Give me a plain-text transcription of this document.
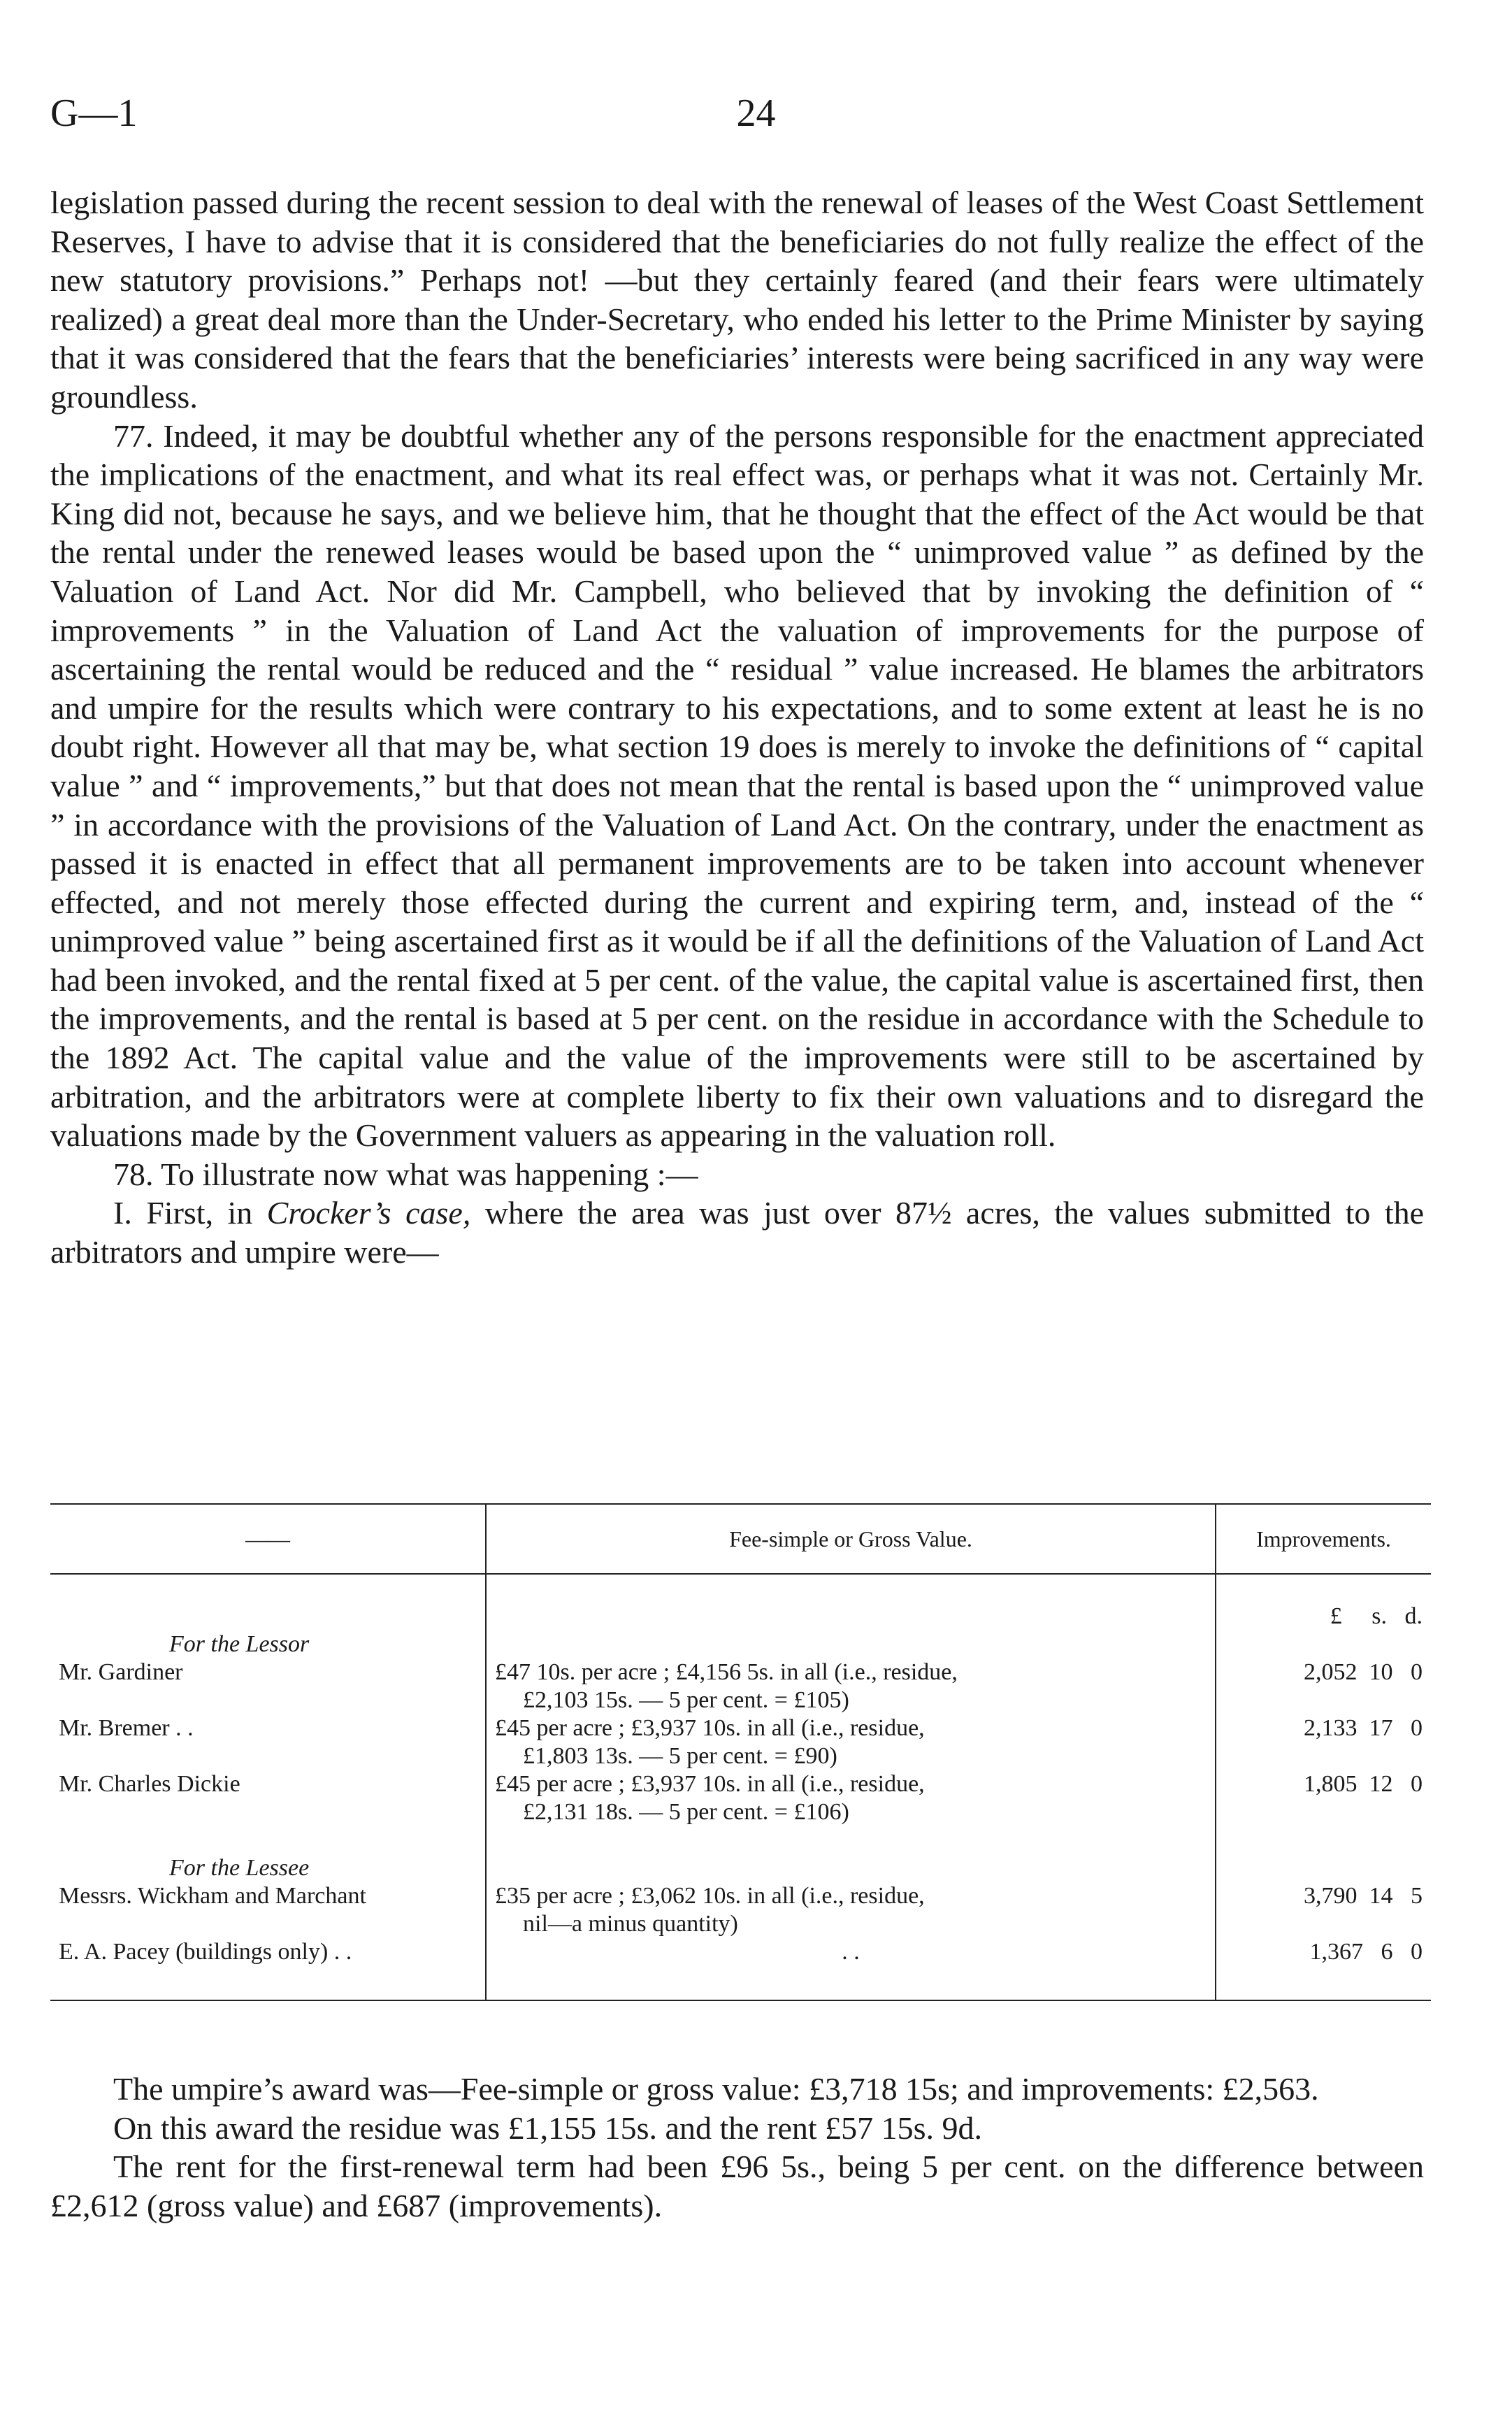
G—1	24

legislation passed during the recent session to deal with the renewal of leases of the West Coast Settlement Reserves, I have to advise that it is considered that the beneficiaries do not fully realize the effect of the new statutory provisions.” Perhaps not! —but they certainly feared (and their fears were ultimately realized) a great deal more than the Under-Secretary, who ended his letter to the Prime Minister by saying that it was considered that the fears that the beneficiaries’ interests were being sacrificed in any way were groundless.

77. Indeed, it may be doubtful whether any of the persons responsible for the enactment appreciated the implications of the enactment, and what its real effect was, or perhaps what it was not. Certainly Mr. King did not, because he says, and we believe him, that he thought that the effect of the Act would be that the rental under the renewed leases would be based upon the “ unimproved value ” as defined by the Valuation of Land Act. Nor did Mr. Campbell, who believed that by invoking the definition of “ improvements ” in the Valuation of Land Act the valuation of improvements for the purpose of ascertaining the rental would be reduced and the “ residual ” value increased. He blames the arbitrators and umpire for the results which were contrary to his expectations, and to some extent at least he is no doubt right. However all that may be, what section 19 does is merely to invoke the definitions of “ capital value ” and “ improvements,” but that does not mean that the rental is based upon the “ unimproved value ” in accordance with the provisions of the Valuation of Land Act. On the contrary, under the enactment as passed it is enacted in effect that all permanent improvements are to be taken into account whenever effected, and not merely those effected during the current and expiring term, and, instead of the “ unimproved value ” being ascertained first as it would be if all the definitions of the Valuation of Land Act had been invoked, and the rental fixed at 5 per cent. of the value, the capital value is ascertained first, then the improvements, and the rental is based at 5 per cent. on the residue in accordance with the Schedule to the 1892 Act. The capital value and the value of the improvements were still to be ascertained by arbitration, and the arbitrators were at complete liberty to fix their own valuations and to disregard the valuations made by the Government valuers as appearing in the valuation roll.

78. To illustrate now what was happening :—

I. First, in Crocker’s case, where the area was just over 87½ acres, the values submitted to the arbitrators and umpire were—

——	Fee-simple or Gross Value.	Improvements.

		£     s.   d.
For the Lessor		
Mr. Gardiner	£47 10s. per acre ; £4,156 5s. in all (i.e., residue,
£2,103 15s. — 5 per cent. = £105)	2,052  10   0
Mr. Bremer . .	£45 per acre ; £3,937 10s. in all (i.e., residue,
£1,803 13s. — 5 per cent. = £90)	2,133  17   0
Mr. Charles Dickie	£45 per acre ; £3,937 10s. in all (i.e., residue,
£2,131 18s. — 5 per cent. = £106)	1,805  12   0

For the Lessee		
Messrs. Wickham and Marchant	£35 per acre ; £3,062 10s. in all (i.e., residue,
nil—a minus quantity)	3,790  14   5
E. A. Pacey (buildings only) . .	. .	1,367   6   0

The umpire’s award was—Fee-simple or gross value: £3,718 15s; and improvements: £2,563.

On this award the residue was £1,155 15s. and the rent £57 15s. 9d.

The rent for the first-renewal term had been £96 5s., being 5 per cent. on the difference between £2,612 (gross value) and £687 (improvements).
